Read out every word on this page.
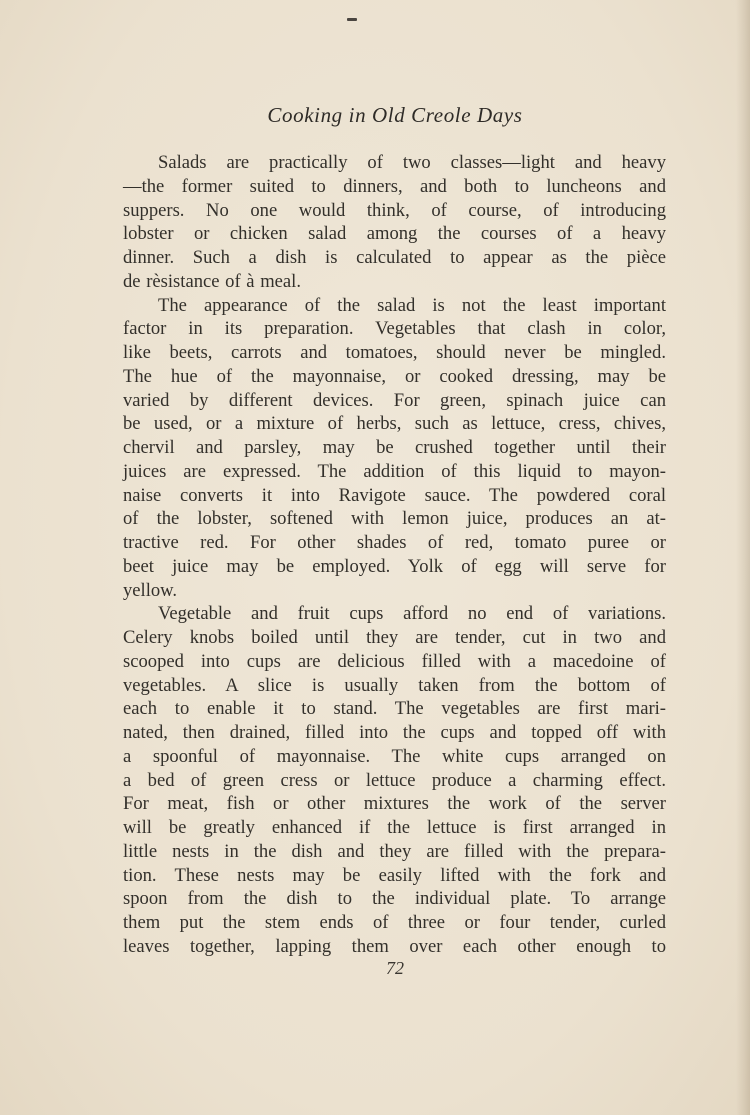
Cooking in Old Creole Days
Salads are practically of two classes—light and heavy
—the former suited to dinners, and both to luncheons and
suppers. No one would think, of course, of introducing
lobster or chicken salad among the courses of a heavy
dinner. Such a dish is calculated to appear as the pièce
de rèsistance of à meal.
The appearance of the salad is not the least important
factor in its preparation. Vegetables that clash in color,
like beets, carrots and tomatoes, should never be mingled.
The hue of the mayonnaise, or cooked dressing, may be
varied by different devices. For green, spinach juice can
be used, or a mixture of herbs, such as lettuce, cress, chives,
chervil and parsley, may be crushed together until their
juices are expressed. The addition of this liquid to mayon-
naise converts it into Ravigote sauce. The powdered coral
of the lobster, softened with lemon juice, produces an at-
tractive red. For other shades of red, tomato puree or
beet juice may be employed. Yolk of egg will serve for
yellow.
Vegetable and fruit cups afford no end of variations.
Celery knobs boiled until they are tender, cut in two and
scooped into cups are delicious filled with a macedoine of
vegetables. A slice is usually taken from the bottom of
each to enable it to stand. The vegetables are first mari-
nated, then drained, filled into the cups and topped off with
a spoonful of mayonnaise. The white cups arranged on
a bed of green cress or lettuce produce a charming effect.
For meat, fish or other mixtures the work of the server
will be greatly enhanced if the lettuce is first arranged in
little nests in the dish and they are filled with the prepara-
tion. These nests may be easily lifted with the fork and
spoon from the dish to the individual plate. To arrange
them put the stem ends of three or four tender, curled
leaves together, lapping them over each other enough to
72
